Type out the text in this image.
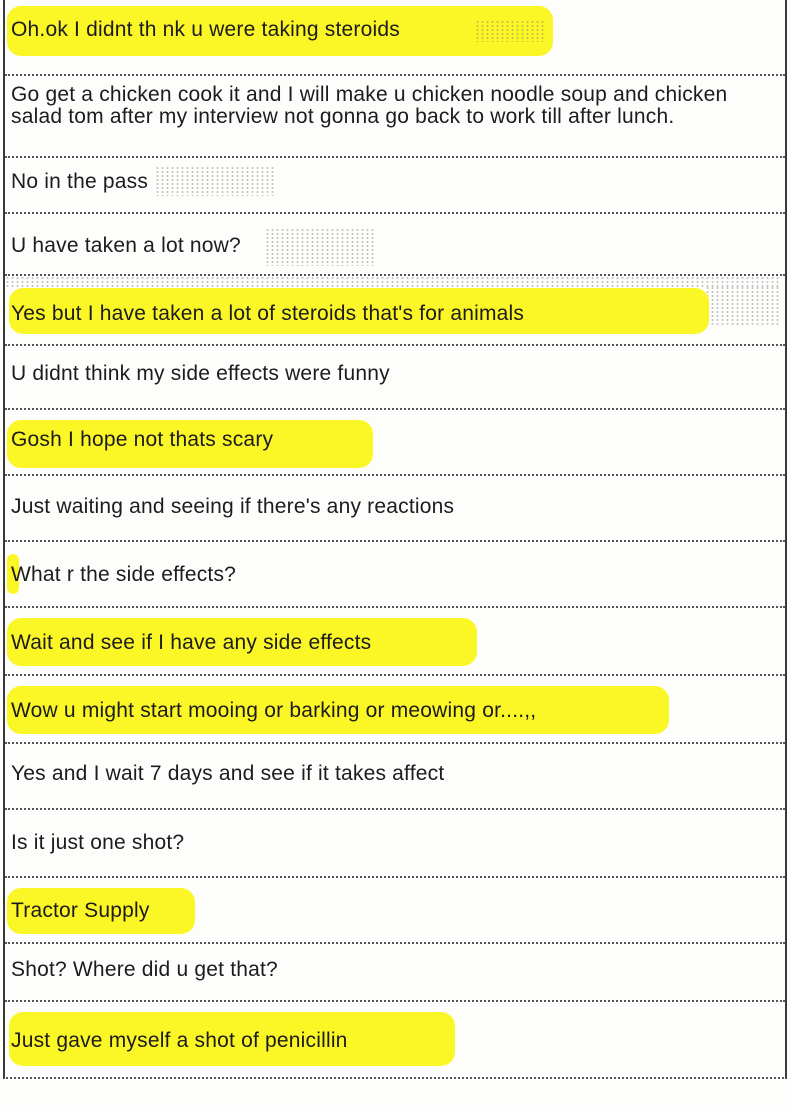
Oh.ok I didnt th nk u were taking steroids
Go get a chicken cook it and I will make u chicken noodle soup and chicken salad tom after my interview not gonna go back to work till after lunch.
No in the pass
U have taken a lot now?
Yes but I have taken a lot of steroids that's for animals
U didnt think my side effects were funny
Gosh I hope not thats scary
Just waiting and seeing if there's any reactions
What r the side effects?
Wait and see if I have any side effects
Wow u might start mooing or barking or meowing or....,,
Yes and I wait 7 days and see if it takes affect
Is it just one shot?
Tractor Supply
Shot? Where did u get that?
Just gave myself a shot of penicillin
